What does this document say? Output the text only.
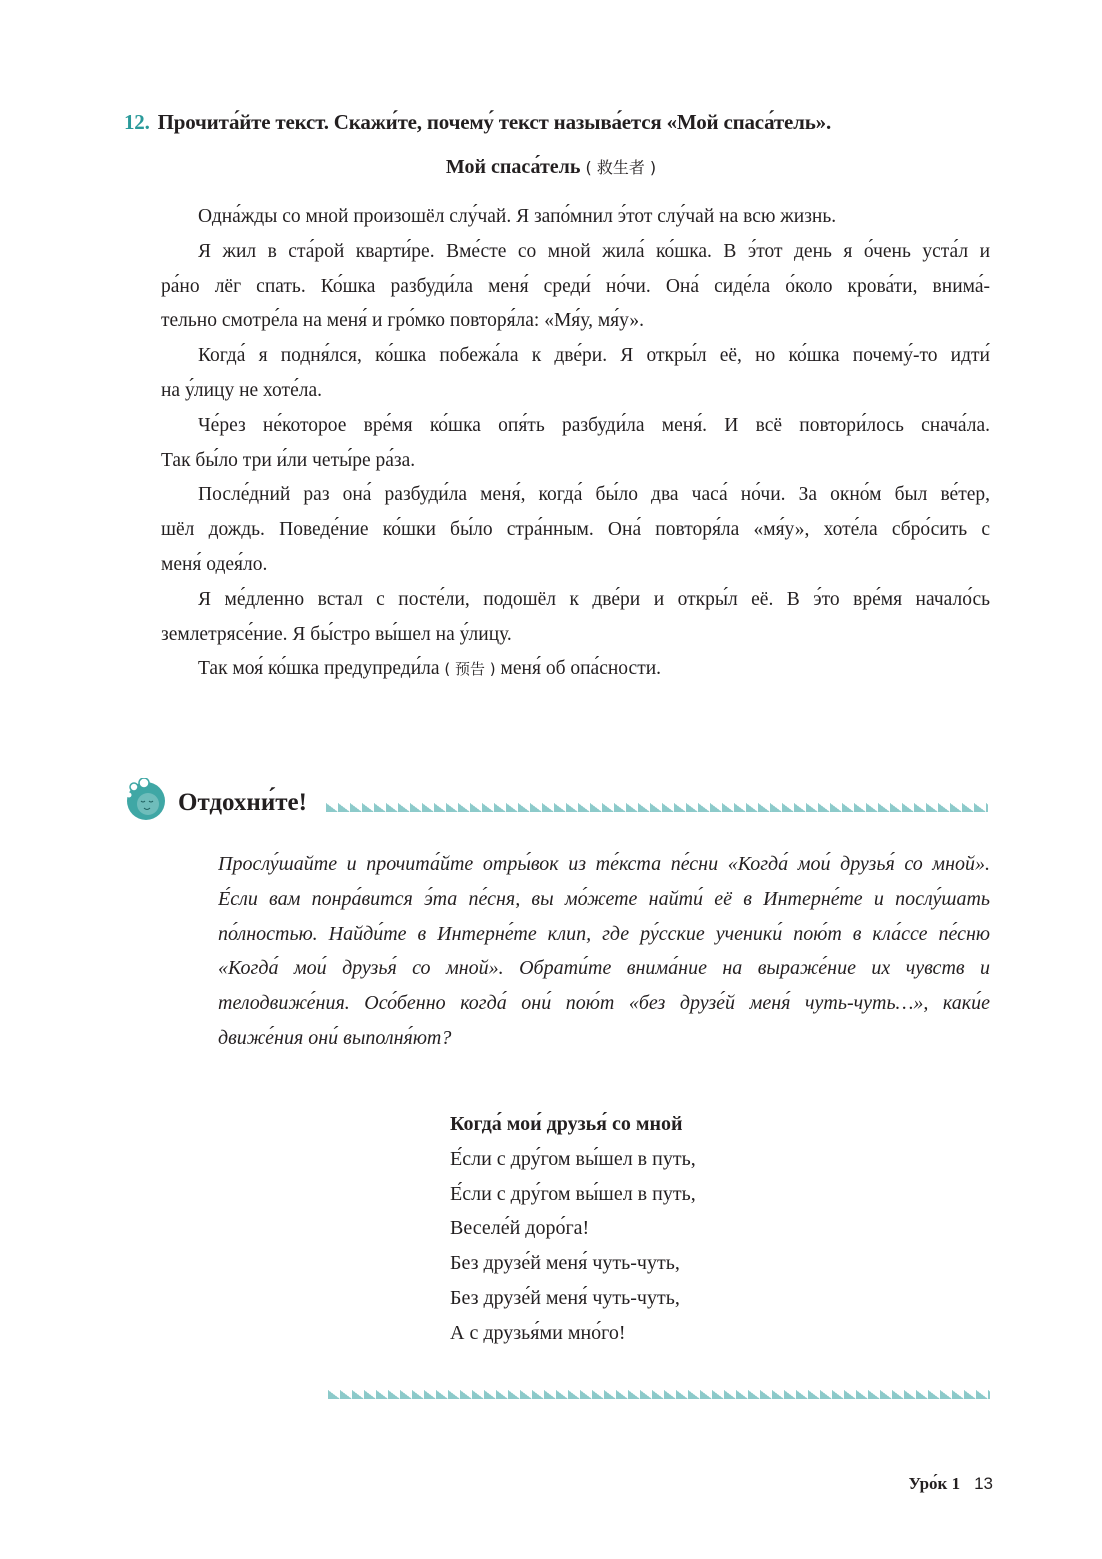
12. Прочита́йте текст. Скажи́те, почему́ текст называ́ется «Мой спаса́тель».
Мой спаса́тель ( 救生者 )
Одна́жды со мной произошёл слу́чай. Я запо́мнил э́тот слу́чай на всю жизнь.
Я жил в ста́рой кварти́ре. Вме́сте со мной жила́ ко́шка. В э́тот день я о́чень уста́л и
ра́но лёг спать. Ко́шка разбуди́ла меня́ среди́ но́чи. Она́ сиде́ла о́коло крова́ти, внима́-
тельно смотре́ла на меня́ и гро́мко повторя́ла: «Мя́у, мя́у».
Когда́ я подня́лся, ко́шка побежа́ла к две́ри. Я откры́л её, но ко́шка почему́-то идти́
на у́лицу не хоте́ла.
Че́рез не́которое вре́мя ко́шка опя́ть разбуди́ла меня́. И всё повтори́лось снача́ла.
Так бы́ло три и́ли четы́ре ра́за.
После́дний раз она́ разбуди́ла меня́, когда́ бы́ло два часа́ но́чи. За окно́м был ве́тер,
шёл дождь. Поведе́ние ко́шки бы́ло стра́нным. Она́ повторя́ла «мя́у», хоте́ла сбро́сить с
меня́ одея́ло.
Я ме́дленно встал с посте́ли, подошёл к две́ри и откры́л её. В э́то вре́мя начало́сь
землетрясе́ние. Я бы́стро вы́шел на у́лицу.
Так моя́ ко́шка предупреди́ла ( 预告 ) меня́ об опа́сности.
Отдохни́те!
Прослу́шайте и прочита́йте отры́вок из те́кста пе́сни «Когда́ мои́ друзья́ со мной».
Е́сли вам понра́вится э́та пе́сня, вы мо́жете найти́ её в Интерне́те и послу́шать
по́лностью. Найди́те в Интерне́те клип, где ру́сские ученики́ пою́т в кла́ссе пе́сню
«Когда́ мои́ друзья́ со мной». Обрати́те внима́ние на выраже́ние их чувств и
телодвиже́ния. Осо́бенно когда́ они́ пою́т «без друзе́й меня́ чуть-чуть…», каки́е
движе́ния они́ выполня́ют?
Когда́ мои́ друзья́ со мной
Е́сли с дру́гом вы́шел в путь,
Е́сли с дру́гом вы́шел в путь,
Веселе́й доро́га!
Без друзе́й меня́ чуть-чуть,
Без друзе́й меня́ чуть-чуть,
А с друзья́ми мно́го!
Уро́к 1 13
